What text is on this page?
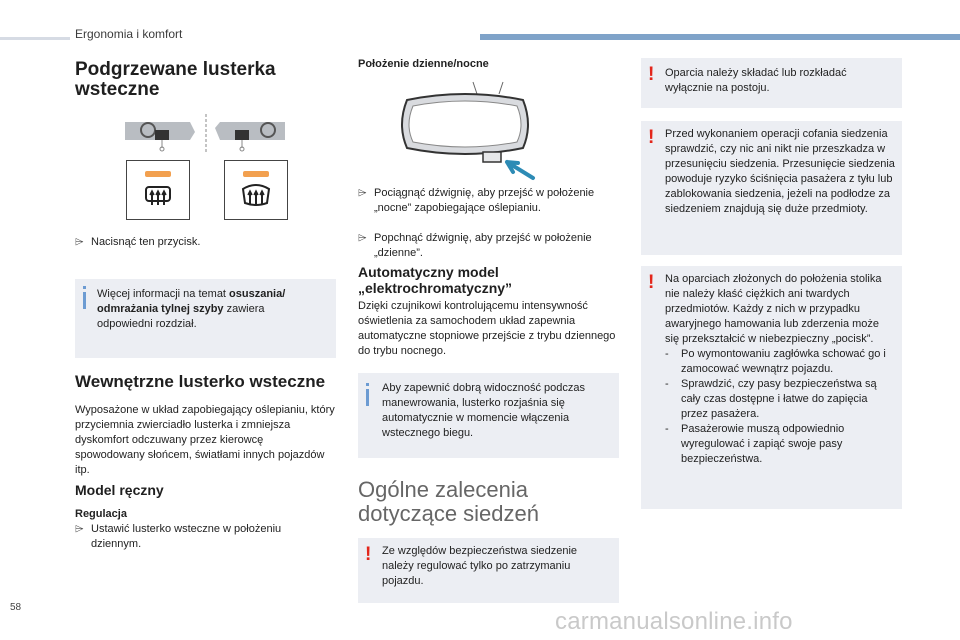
Ergonomia i komfort
Podgrzewane lusterka wsteczne
⌲ Nacisnąć ten przycisk.
Więcej informacji na temat osuszania/ odmrażania tylnej szyby zawiera odpowiedni rozdział.
Wewnętrzne lusterko wsteczne
Wyposażone w układ zapobiegający oślepianiu, który przyciemnia zwierciadło lusterka i zmniejsza dyskomfort odczuwany przez kierowcę spowodowany słońcem, światłami innych pojazdów itp.
Model ręczny
Regulacja
⌲ Ustawić lusterko wsteczne w położeniu dziennym.
Położenie dzienne/nocne
⌲ Pociągnąć dźwignię, aby przejść w położenie „nocne” zapobiegające oślepianiu.
⌲ Popchnąć dźwignię, aby przejść w położenie „dzienne”.
Automatyczny model „elektrochromatyczny”
Dzięki czujnikowi kontrolującemu intensywność oświetlenia za samochodem układ zapewnia automatyczne stopniowe przejście z trybu dziennego do trybu nocnego.
Aby zapewnić dobrą widoczność podczas manewrowania, lusterko rozjaśnia się automatycznie w momencie włączenia wstecznego biegu.
Ogólne zalecenia dotyczące siedzeń
! Ze względów bezpieczeństwa siedzenie należy regulować tylko po zatrzymaniu pojazdu.
! Oparcia należy składać lub rozkładać wyłącznie na postoju.
! Przed wykonaniem operacji cofania siedzenia sprawdzić, czy nic ani nikt nie przeszkadza w przesunięciu siedzenia. Przesunięcie siedzenia powoduje ryzyko ściśnięcia pasażera z tyłu lub zablokowania siedzenia, jeżeli na podłodze za siedzeniem znajdują się duże przedmioty.
! Na oparciach złożonych do położenia stolika nie należy kłaść ciężkich ani twardych przedmiotów. Każdy z nich w przypadku awaryjnego hamowania lub zderzenia może się przekształcić w niebezpieczny „pocisk”.
-	Po wymontowaniu zagłówka schować go i zamocować wewnątrz pojazdu.
-	Sprawdzić, czy pasy bezpieczeństwa są cały czas dostępne i łatwe do zapięcia przez pasażera.
-	Pasażerowie muszą odpowiednio wyregulować i zapiąć swoje pasy bezpieczeństwa.
58
carmanualsonline.info
